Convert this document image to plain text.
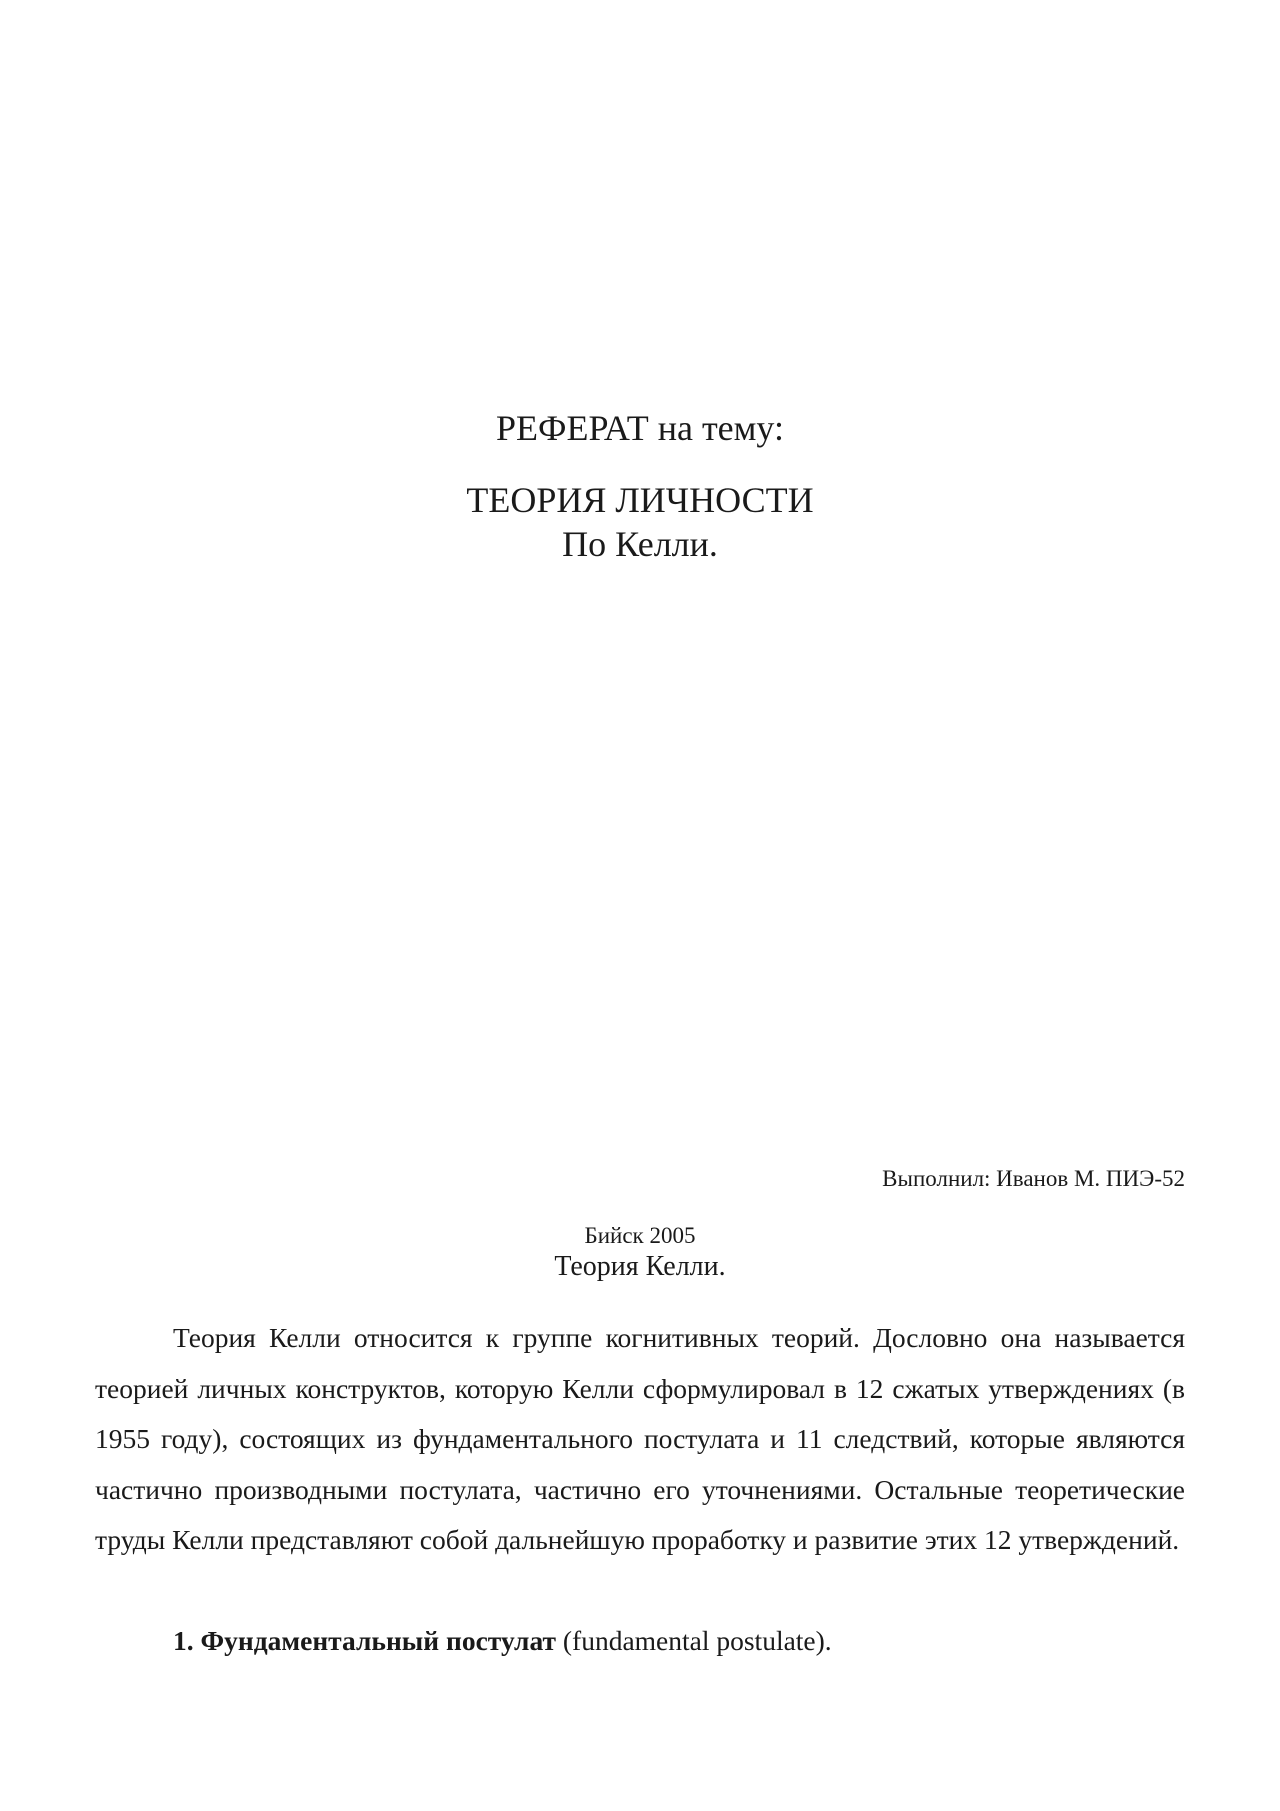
РЕФЕРАТ на тему:
ТЕОРИЯ ЛИЧНОСТИ
По Келли.
Выполнил: Иванов М. ПИЭ-52
Бийск 2005
Теория Келли.

Теория Келли относится к группе когнитивных теорий. Дословно она называется теорией личных конструктов, которую Келли сформулировал в 12 сжатых утверждениях (в 1955 году), состоящих из фундаментального постулата и 11 следствий, которые являются частично производными постулата, частично его уточнениями. Остальные теоретические труды Келли представляют собой дальнейшую проработку и развитие этих 12 утверждений.

1. Фундаментальный постулат (fundamental postulate).
